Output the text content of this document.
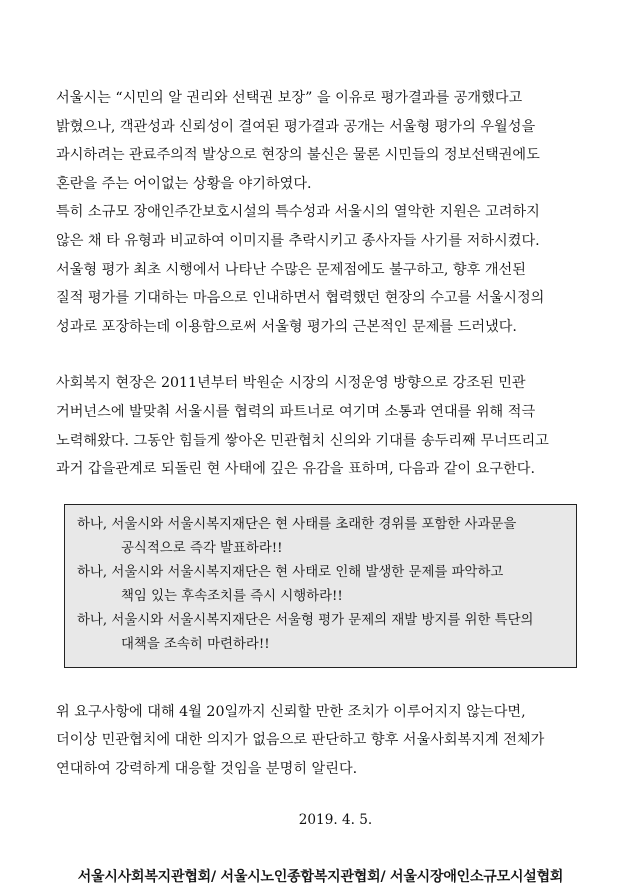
서울시는 “시민의 알 권리와 선택권 보장” 을 이유로 평가결과를 공개했다고
밝혔으나, 객관성과 신뢰성이 결여된 평가결과 공개는 서울형 평가의 우월성을
과시하려는 관료주의적 발상으로 현장의 불신은 물론 시민들의 정보선택권에도
혼란을 주는 어이없는 상황을 야기하였다.
특히 소규모 장애인주간보호시설의 특수성과 서울시의 열악한 지원은 고려하지
않은 채 타 유형과 비교하여 이미지를 추락시키고 종사자들 사기를 저하시켰다.
서울형 평가 최초 시행에서 나타난 수많은 문제점에도 불구하고, 향후 개선된
질적 평가를 기대하는 마음으로 인내하면서 협력했던 현장의 수고를 서울시정의
성과로 포장하는데 이용함으로써 서울형 평가의 근본적인 문제를 드러냈다.
사회복지 현장은 2011년부터 박원순 시장의 시정운영 방향으로 강조된 민관
거버넌스에 발맞춰 서울시를 협력의 파트너로 여기며 소통과 연대를 위해 적극
노력해왔다. 그동안 힘들게 쌓아온 민관협치 신의와 기대를 송두리째 무너뜨리고
과거 갑을관계로 되돌린 현 사태에 깊은 유감을 표하며, 다음과 같이 요구한다.

하나, 서울시와 서울시복지재단은 현 사태를 초래한 경위를 포함한 사과문을
공식적으로 즉각 발표하라!!

하나, 서울시와 서울시복지재단은 현 사태로 인해 발생한 문제를 파악하고
책임 있는 후속조치를 즉시 시행하라!!

하나, 서울시와 서울시복지재단은 서울형 평가 문제의 재발 방지를 위한 특단의
대책을 조속히 마련하라!!

위 요구사항에 대해 4월 20일까지 신뢰할 만한 조치가 이루어지지 않는다면,
더이상 민관협치에 대한 의지가 없음으로 판단하고 향후 서울사회복지계 전체가
연대하여 강력하게 대응할 것임을 분명히 알린다.
2019. 4. 5.
서울시사회복지관협회/ 서울시노인종합복지관협회/ 서울시장애인소규모시설협회
